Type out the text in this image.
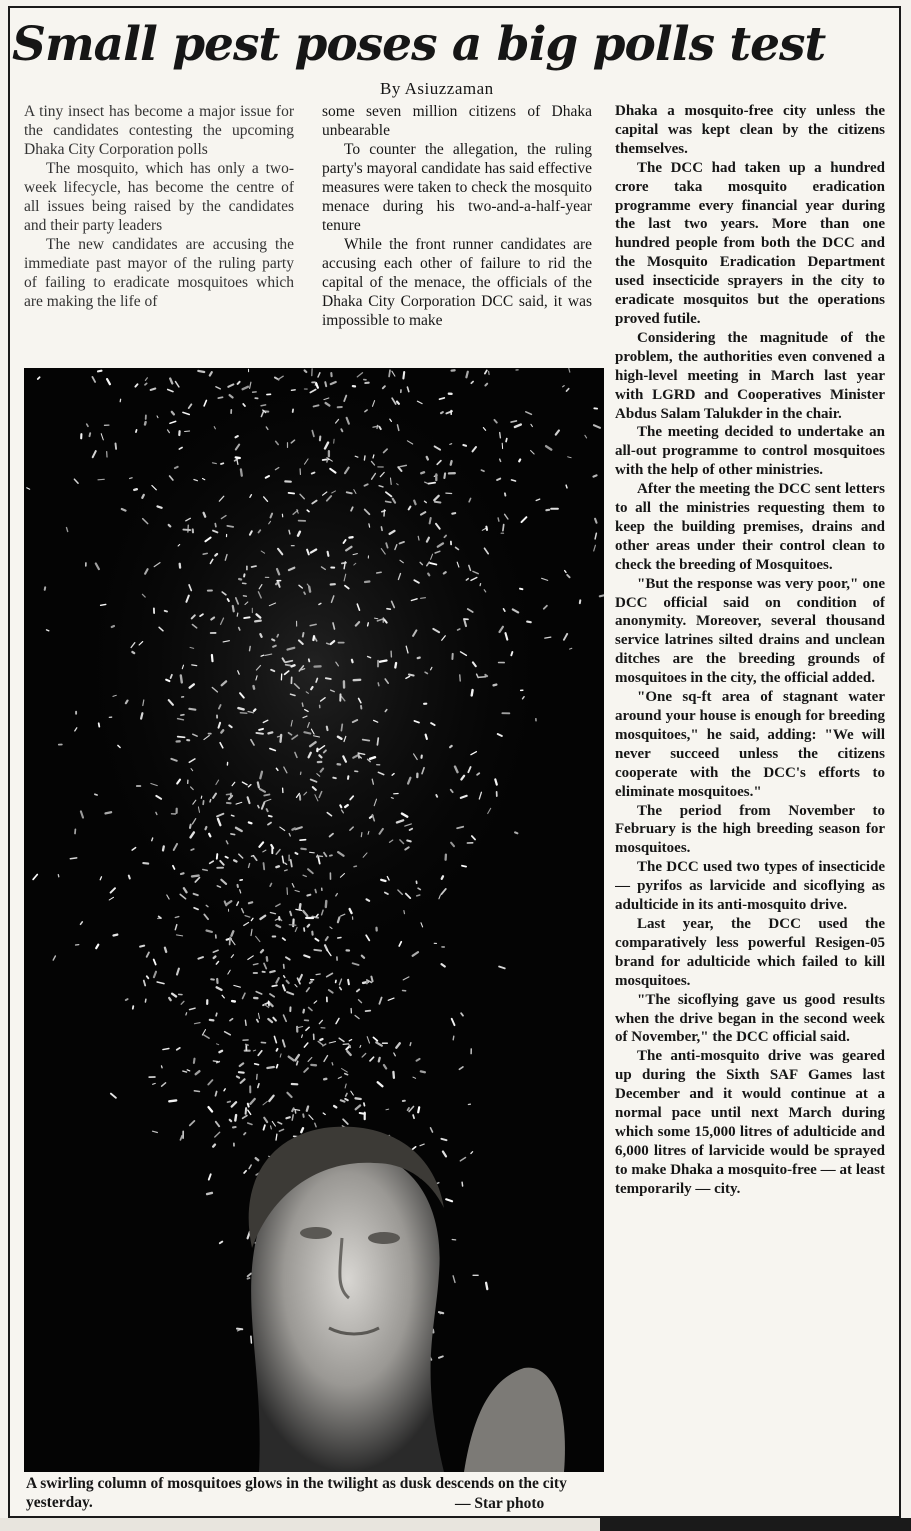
Small pest poses a big polls test
By Asiuzzaman

A tiny insect has become a major issue for the candidates contesting the upcoming Dhaka City Corporation polls

The mosquito, which has only a two-week lifecycle, has become the centre of all issues being raised by the candidates and their party leaders

The new candidates are accusing the immediate past mayor of the ruling party of failing to eradicate mosquitoes which are making the life of

some seven million citizens of Dhaka unbearable

To counter the allegation, the ruling party's mayoral candidate has said effective measures were taken to check the mosquito menace during his two-and-a-half-year tenure

While the front runner candidates are accusing each other of failure to rid the capital of the menace, the officials of the Dhaka City Corporation DCC said, it was impossible to make

Dhaka a mosquito-free city unless the capital was kept clean by the citizens themselves.

The DCC had taken up a hundred crore taka mosquito eradication programme every financial year during the last two years. More than one hundred people from both the DCC and the Mosquito Eradication Department used insecticide sprayers in the city to eradicate mosquitos but the operations proved futile.

Considering the magnitude of the problem, the authorities even convened a high-level meeting in March last year with LGRD and Cooperatives Minister Abdus Salam Talukder in the chair.

The meeting decided to undertake an all-out programme to control mosquitoes with the help of other ministries.

After the meeting the DCC sent letters to all the ministries requesting them to keep the building premises, drains and other areas under their control clean to check the breeding of Mosquitoes.

"But the response was very poor," one DCC official said on condition of anonymity. Moreover, several thousand service latrines silted drains and unclean ditches are the breeding grounds of mosquitoes in the city, the official added.

"One sq-ft area of stagnant water around your house is enough for breeding mosquitoes," he said, adding: "We will never succeed unless the citizens cooperate with the DCC's efforts to eliminate mosquitoes."

The period from November to February is the high breeding season for mosquitoes.

The DCC used two types of insecticide — pyrifos as larvicide and sicoflying as adulticide in its anti-mosquito drive.

Last year, the DCC used the comparatively less powerful Resigen-05 brand for adulticide which failed to kill mosquitoes.

"The sicoflying gave us good results when the drive began in the second week of November," the DCC official said.

The anti-mosquito drive was geared up during the Sixth SAF Games last December and it would continue at a normal pace until next March during which some 15,000 litres of adulticide and 6,000 litres of larvicide would be sprayed to make Dhaka a mosquito-free — at least temporarily — city.

A swirling column of mosquitoes glows in the twilight as dusk descends on the city yesterday.	— Star photo
